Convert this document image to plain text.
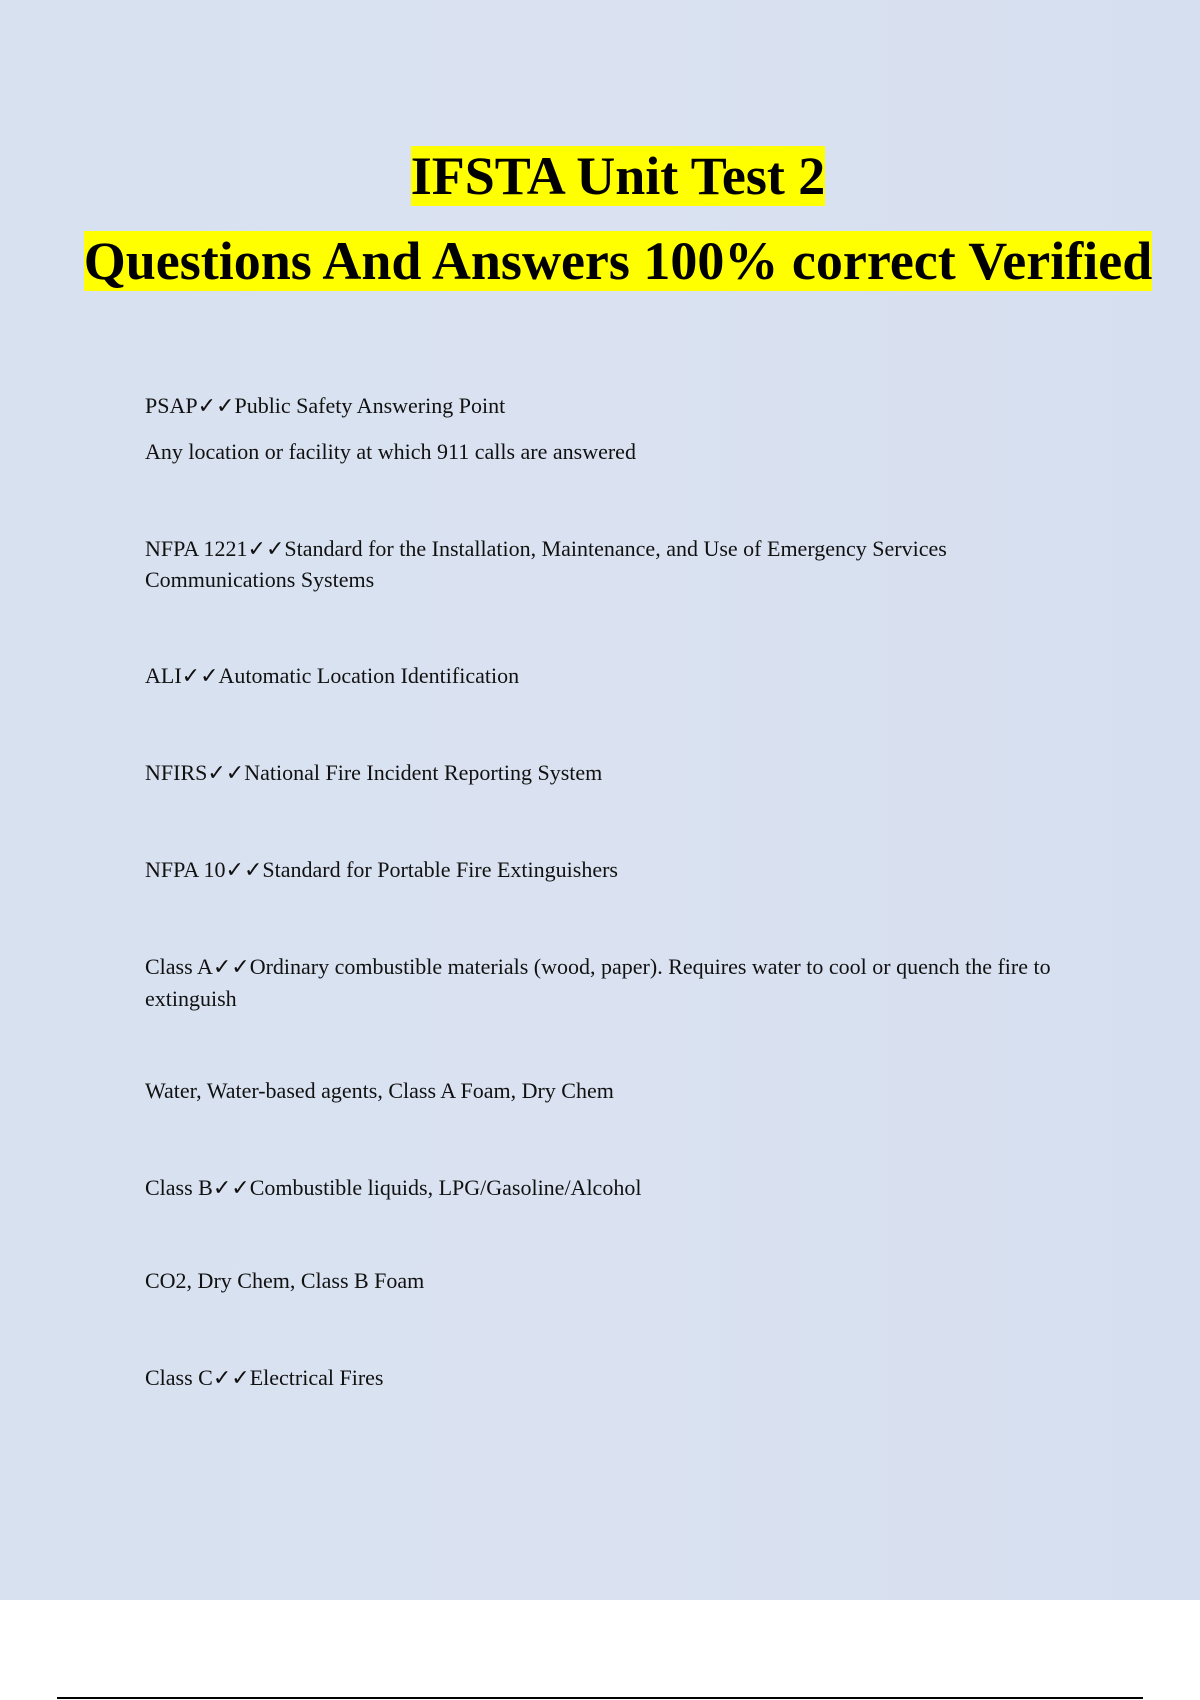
IFSTA Unit Test 2
Questions And Answers 100% correct Verified
PSAP✓✓Public Safety Answering Point
Any location or facility at which 911 calls are answered
NFPA 1221✓✓Standard for the Installation, Maintenance, and Use of Emergency Services Communications Systems
ALI✓✓Automatic Location Identification
NFIRS✓✓National Fire Incident Reporting System
NFPA 10✓✓Standard for Portable Fire Extinguishers
Class A✓✓Ordinary combustible materials (wood, paper). Requires water to cool or quench the fire to extinguish
Water, Water-based agents, Class A Foam, Dry Chem
Class B✓✓Combustible liquids, LPG/Gasoline/Alcohol
CO2, Dry Chem, Class B Foam
Class C✓✓Electrical Fires
